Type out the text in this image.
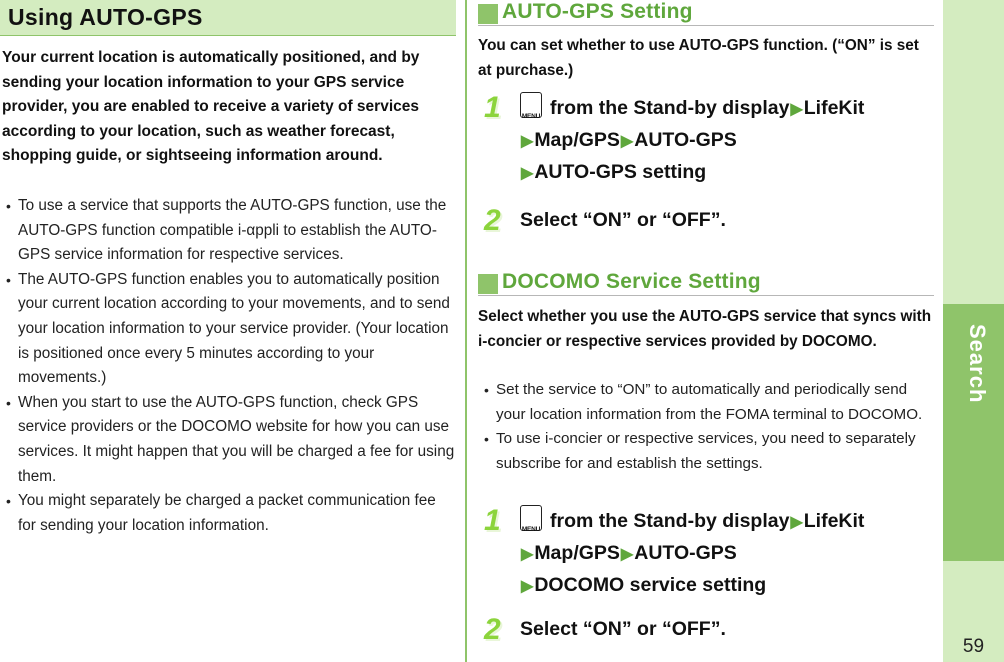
Using AUTO-GPS

Your current location is automatically positioned, and by sending your location information to your GPS service provider, you are enabled to receive a variety of services according to your location, such as weather forecast, shopping guide, or sightseeing information around.

• To use a service that supports the AUTO-GPS function, use the AUTO-GPS function compatible i-αppli to establish the AUTO-GPS service information for respective services.
• The AUTO-GPS function enables you to automatically position your current location according to your movements, and to send your location information to your service provider. (Your location is positioned once every 5 minutes according to your movements.)
• When you start to use the AUTO-GPS function, check GPS service providers or the DOCOMO website for how you can use services. It might happen that you will be charged a fee for using them.
• You might separately be charged a packet communication fee for sending your location information.
AUTO-GPS Setting

You can set whether to use AUTO-GPS function. (“ON” is set at purchase.)

1	MENU from the Stand-by display▶LifeKit
▶Map/GPS▶AUTO-GPS
▶AUTO-GPS setting
2 Select “ON” or “OFF”.
DOCOMO Service Setting

Select whether you use the AUTO-GPS service that syncs with i-concier or respective services provided by DOCOMO.

• Set the service to “ON” to automatically and periodically send your location information from the FOMA terminal to DOCOMO.
• To use i-concier or respective services, you need to separately subscribe for and establish the settings.
1	MENU from the Stand-by display▶LifeKit
▶Map/GPS▶AUTO-GPS
▶DOCOMO service setting
2 Select “ON” or “OFF”.
Search
59
